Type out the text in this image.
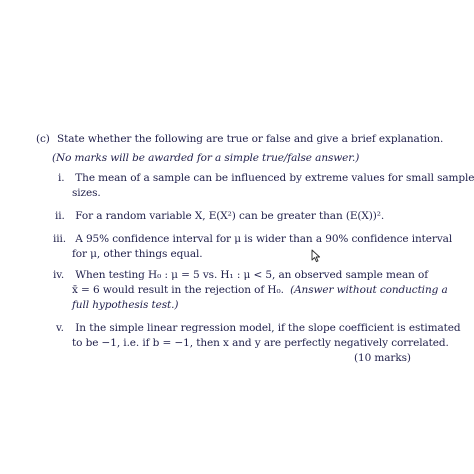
(c) State whether the following are true or false and give a brief explanation.
(No marks will be awarded for a simple true/false answer.)
i. The mean of a sample can be influenced by extreme values for small sample
sizes.
ii. For a random variable X, E(X²) can be greater than (E(X))².
iii. A 95% confidence interval for μ is wider than a 90% confidence interval
for μ, other things equal.
iv. When testing H₀ : μ = 5 vs. H₁ : μ < 5, an observed sample mean of
x̄ = 6 would result in the rejection of H₀. (Answer without conducting a
full hypothesis test.)
v. In the simple linear regression model, if the slope coefficient is estimated
to be −1, i.e. if b = −1, then x and y are perfectly negatively correlated.
(10 marks)
